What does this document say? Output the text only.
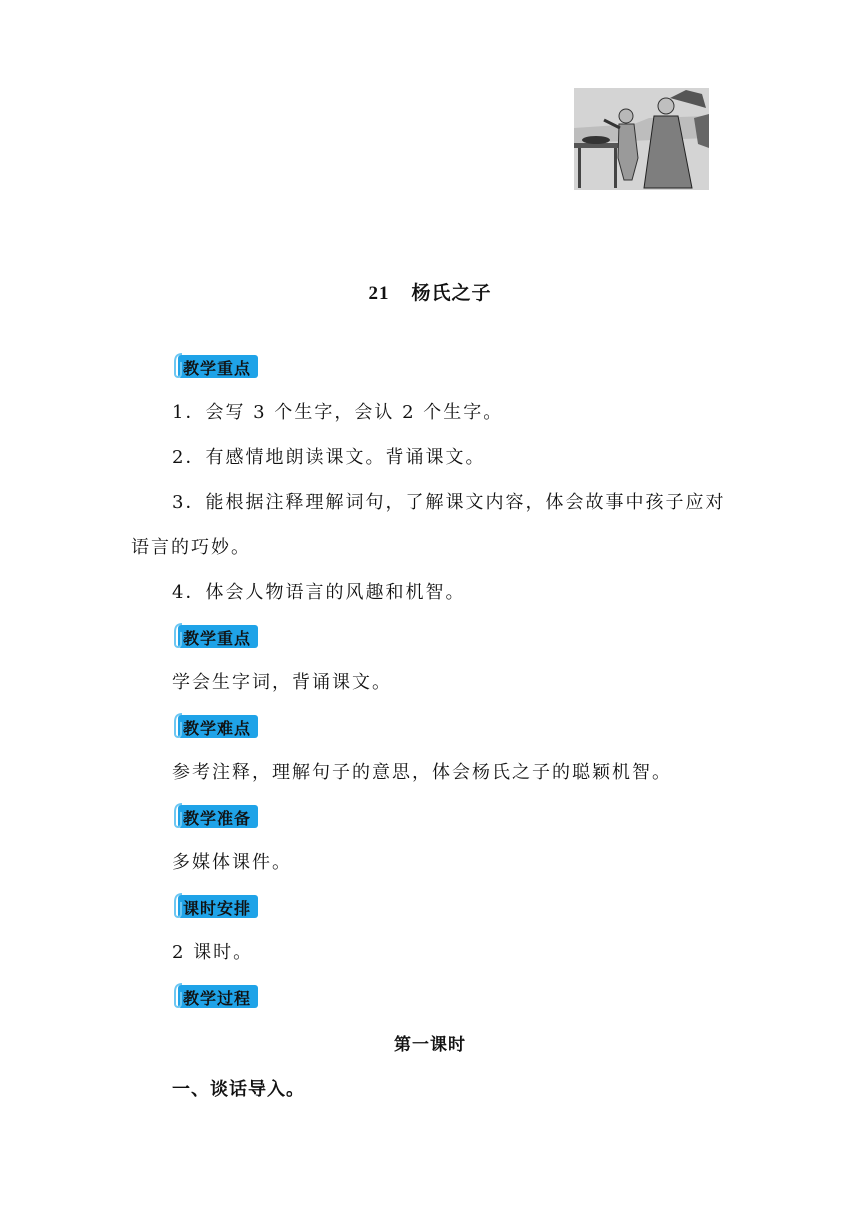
21 杨氏之子
教学重点
1．会写 3 个生字，会认 2 个生字。
2．有感情地朗读课文。背诵课文。
3．能根据注释理解词句，了解课文内容，体会故事中孩子应对
语言的巧妙。
4．体会人物语言的风趣和机智。
教学重点
学会生字词，背诵课文。
教学难点
参考注释，理解句子的意思，体会杨氏之子的聪颖机智。
教学准备
多媒体课件。
课时安排
2 课时。
教学过程
第一课时
一、谈话导入。
